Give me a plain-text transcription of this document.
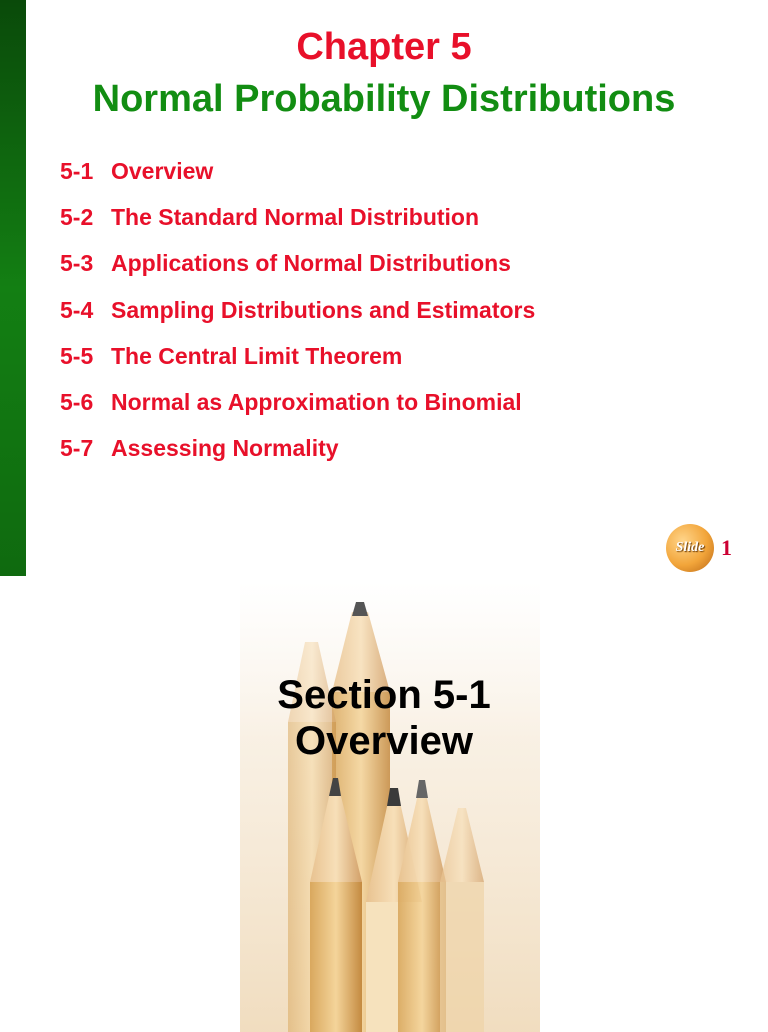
Chapter 5
Normal Probability Distributions
5-1 Overview
5-2 The Standard Normal Distribution
5-3 Applications of Normal Distributions
5-4 Sampling Distributions and Estimators
5-5 The Central Limit Theorem
5-6 Normal as Approximation to Binomial
5-7 Assessing Normality
Slide 1
Section 5-1
Overview
